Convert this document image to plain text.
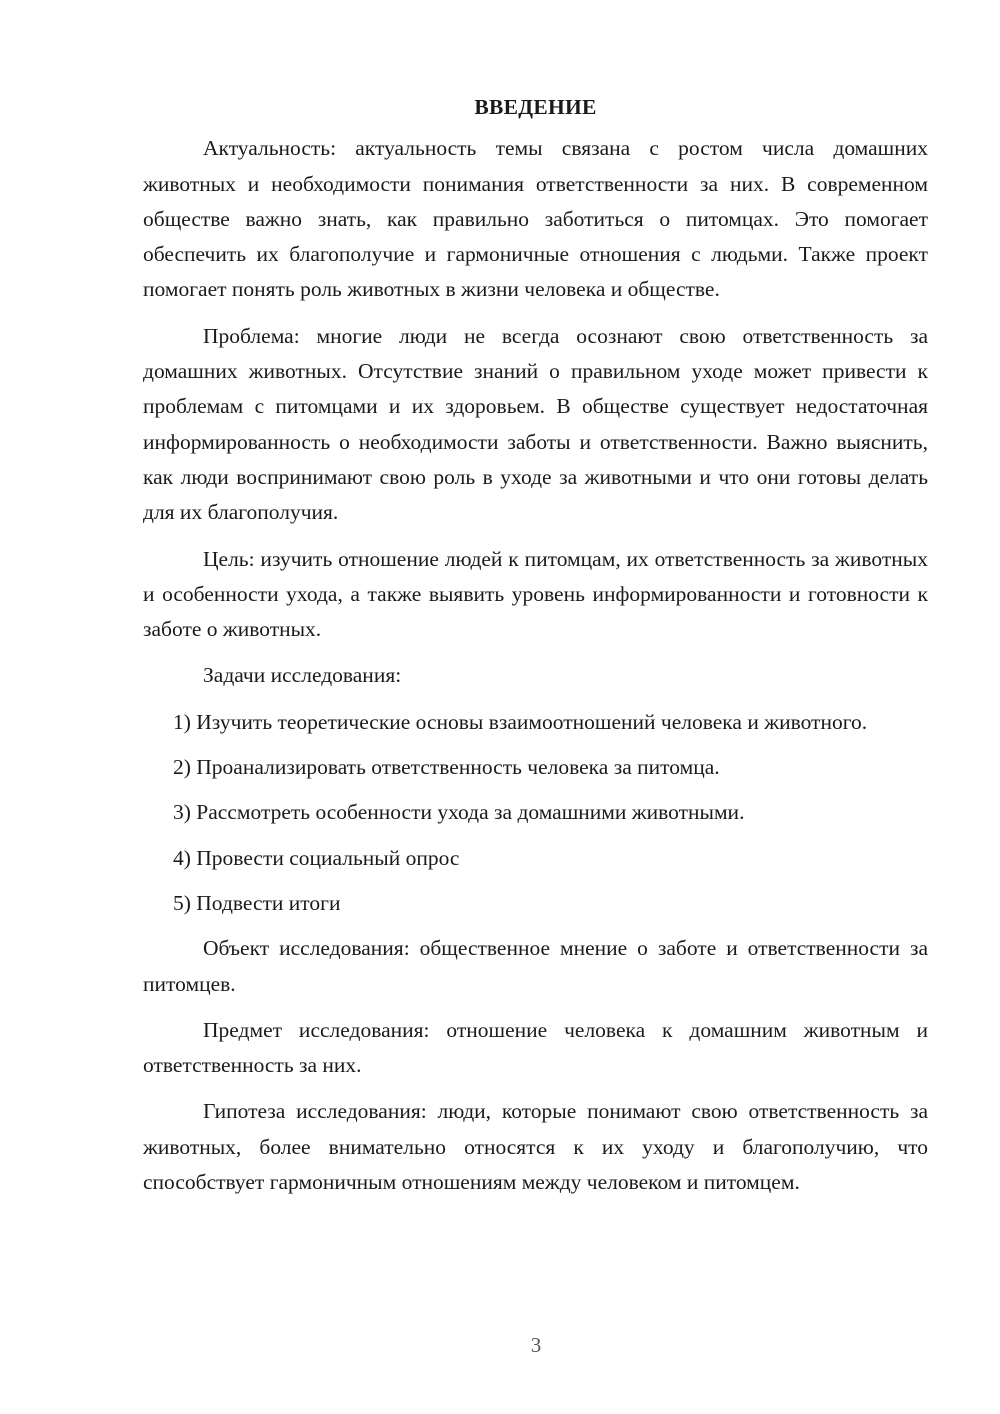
ВВЕДЕНИЕ
Актуальность: актуальность темы связана с ростом числа домашних животных и необходимости понимания ответственности за них. В современном обществе важно знать, как правильно заботиться о питомцах. Это помогает обеспечить их благополучие и гармоничные отношения с людьми. Также проект помогает понять роль животных в жизни человека и обществе.
Проблема: многие люди не всегда осознают свою ответственность за домашних животных. Отсутствие знаний о правильном уходе может привести к проблемам с питомцами и их здоровьем. В обществе существует недостаточная информированность о необходимости заботы и ответственности. Важно выяснить, как люди воспринимают свою роль в уходе за животными и что они готовы делать для их благополучия.
Цель: изучить отношение людей к питомцам, их ответственность за животных и особенности ухода, а также выявить уровень информированности и готовности к заботе о животных.
Задачи исследования:
1) Изучить теоретические основы взаимоотношений человека и животного.
2) Проанализировать ответственность человека за питомца.
3) Рассмотреть особенности ухода за домашними животными.
4) Провести социальный опрос
5) Подвести итоги
Объект исследования: общественное мнение о заботе и ответственности за питомцев.
Предмет исследования: отношение человека к домашним животным и ответственность за них.
Гипотеза исследования: люди, которые понимают свою ответственность за животных, более внимательно относятся к их уходу и благополучию, что способствует гармоничным отношениям между человеком и питомцем.
3
